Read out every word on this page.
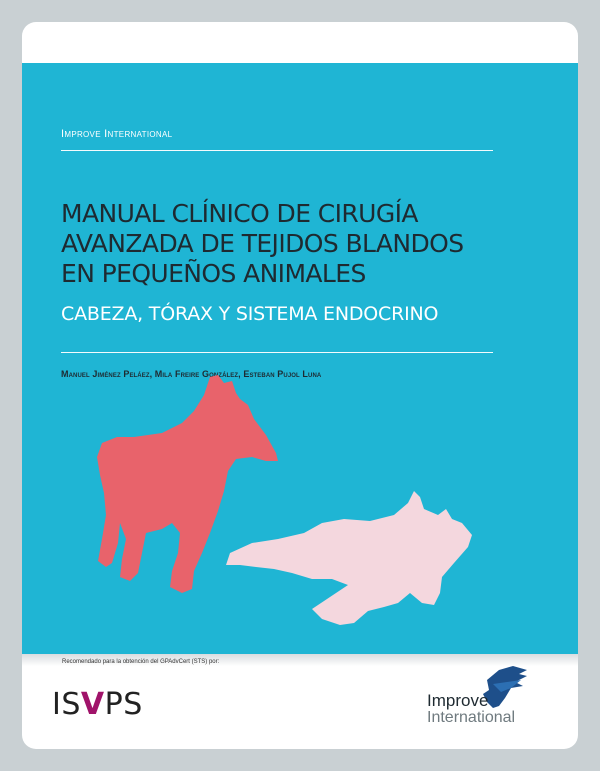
Improve International
MANUAL CLÍNICO DE CIRUGÍA
AVANZADA DE TEJIDOS BLANDOS
EN PEQUEÑOS ANIMALES
CABEZA, TÓRAX Y SISTEMA ENDOCRINO
Manuel Jiménez Peláez, Mila Freire González, Esteban Pujol Luna
Recomendado para la obtención del GPAdvCert (STS) por:
IS V PS	Improve
International
